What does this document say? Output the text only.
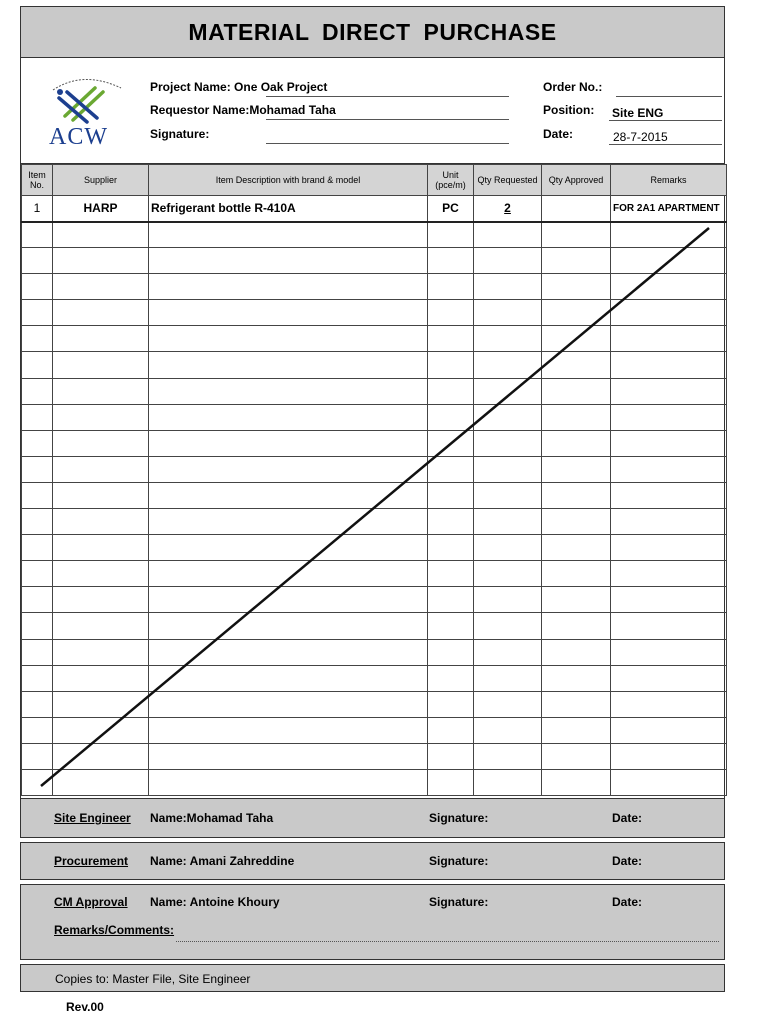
MATERIAL DIRECT PURCHASE
ACW
Project Name: One Oak Project
Requestor Name:Mohamad Taha
Signature:
Order No.:
Position: Site ENG
Date:	28-7-2015
Item No.	Supplier	Item Description with brand & model	Unit (pce/m)	Qty Requested	Qty Approved	Remarks
1	HARP	Refrigerant bottle R-410A	PC	2		FOR 2A1 APARTMENT

Site Engineer Name:Mohamad Taha	Signature:	Date:
Procurement Name: Amani Zahreddine	Signature:	Date:
CM Approval Name: Antoine Khoury	Signature:	Date:
Remarks/Comments:
Copies to: Master File, Site Engineer
Rev.00
